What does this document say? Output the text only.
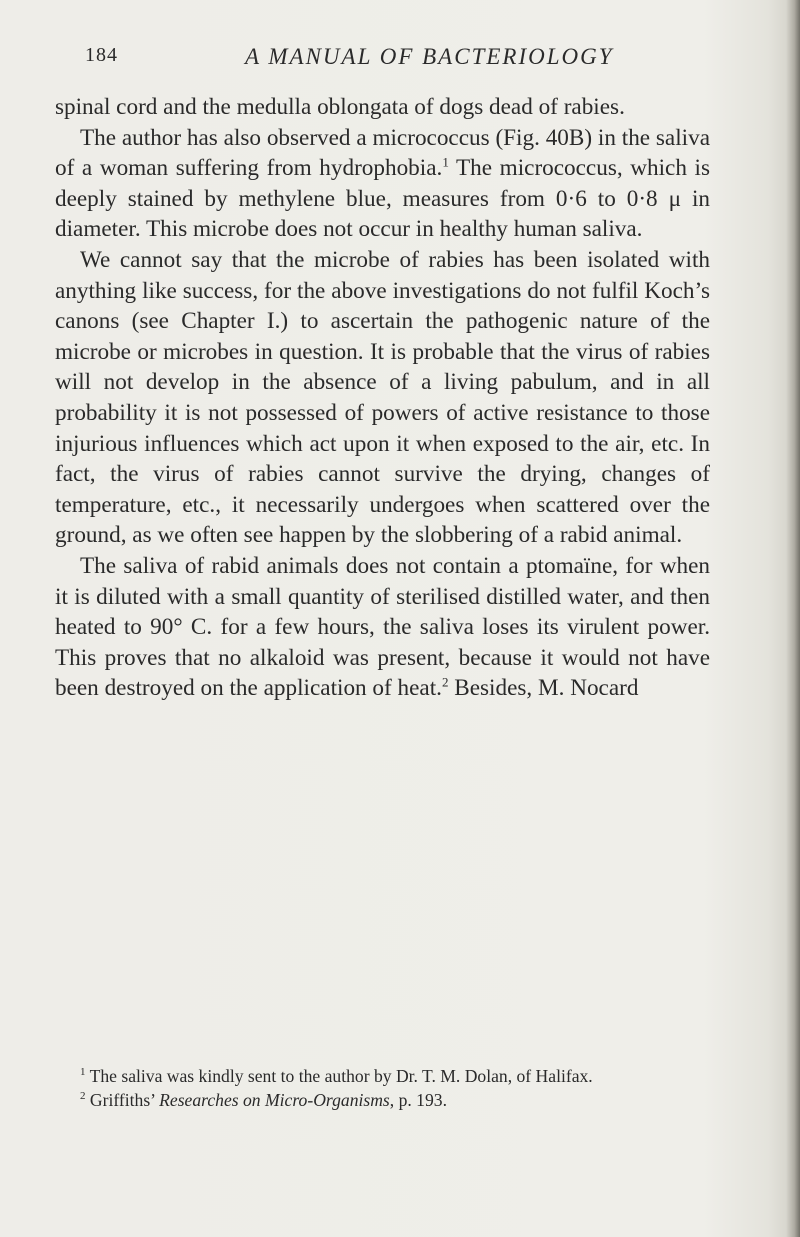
184	A MANUAL OF BACTERIOLOGY

spinal cord and the medulla oblongata of dogs dead of rabies.

The author has also observed a micrococcus (Fig. 40B) in the saliva of a woman suffering from hydrophobia.$^1$ The micrococcus, which is deeply stained by methylene blue, measures from 0·6 to 0·8 μ in diameter. This microbe does not occur in healthy human saliva.

We cannot say that the microbe of rabies has been isolated with anything like success, for the above investigations do not fulfil Koch’s canons (see Chapter I.) to ascertain the pathogenic nature of the microbe or microbes in question. It is probable that the virus of rabies will not develop in the absence of a living pabulum, and in all probability it is not possessed of powers of active resistance to those injurious influences which act upon it when exposed to the air, etc. In fact, the virus of rabies cannot survive the drying, changes of temperature, etc., it necessarily undergoes when scattered over the ground, as we often see happen by the slobbering of a rabid animal.

The saliva of rabid animals does not contain a ptomaïne, for when it is diluted with a small quantity of sterilised distilled water, and then heated to 90° C. for a few hours, the saliva loses its virulent power. This proves that no alkaloid was present, because it would not have been destroyed on the application of heat.$^2$ Besides, M. Nocard

$^1$ The saliva was kindly sent to the author by Dr. T. M. Dolan, of Halifax.

$^2$ Griffiths’ Researches on Micro-Organisms, p. 193.
